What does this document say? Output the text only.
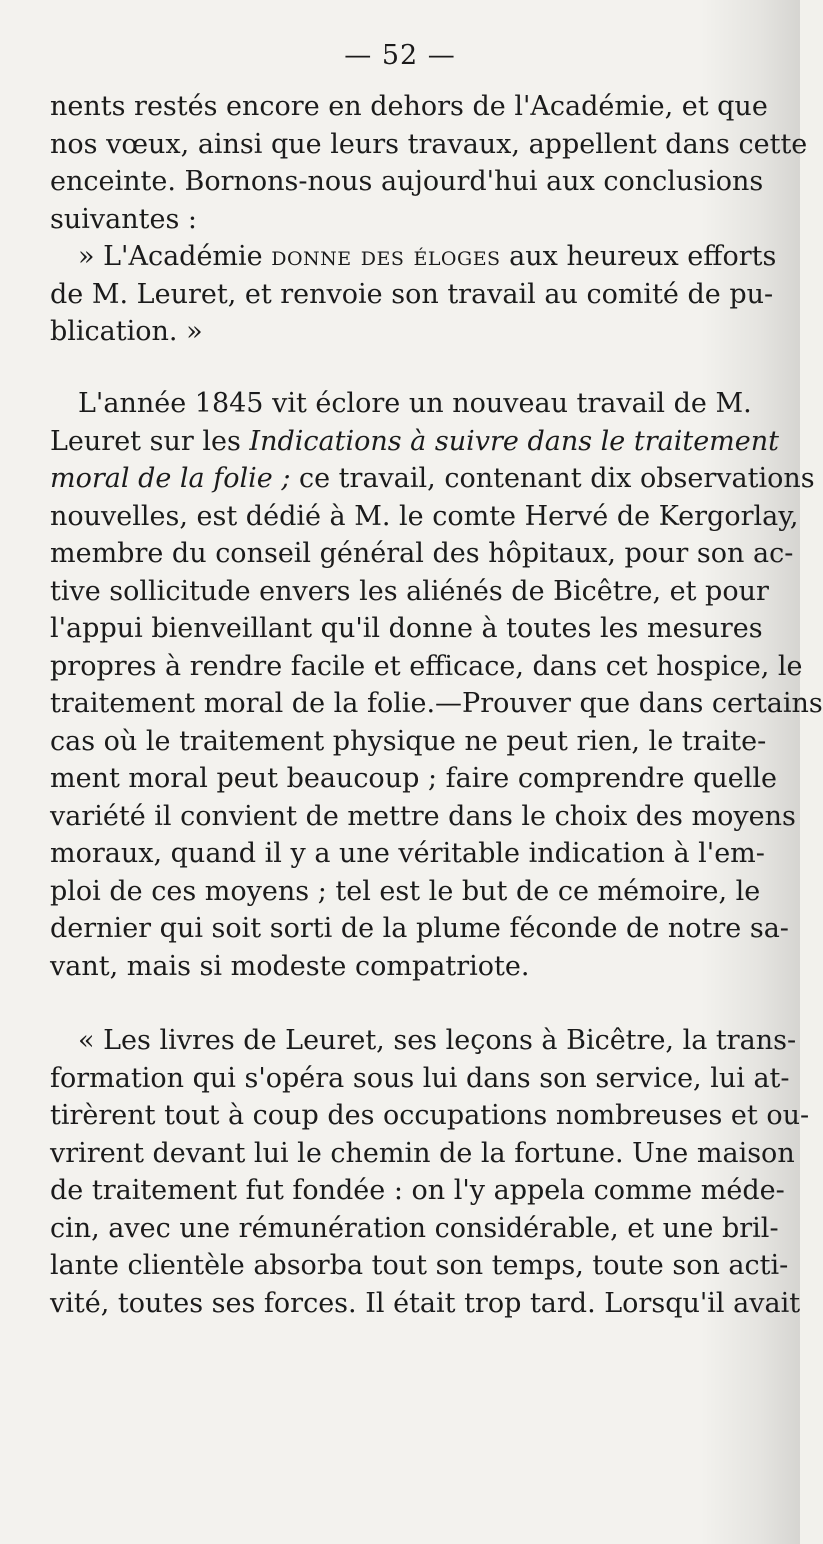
— 52 —
nents restés encore en dehors de l'Académie, et que
nos vœux, ainsi que leurs travaux, appellent dans cette
enceinte. Bornons-nous aujourd'hui aux conclusions
suivantes :
» L'Académie donne des éloges aux heureux efforts
de M. Leuret, et renvoie son travail au comité de pu-
blication. »
L'année 1845 vit éclore un nouveau travail de M.
Leuret sur les Indications à suivre dans le traitement
moral de la folie ; ce travail, contenant dix observations
nouvelles, est dédié à M. le comte Hervé de Kergorlay,
membre du conseil général des hôpitaux, pour son ac-
tive sollicitude envers les aliénés de Bicêtre, et pour
l'appui bienveillant qu'il donne à toutes les mesures
propres à rendre facile et efficace, dans cet hospice, le
traitement moral de la folie.—Prouver que dans certains
cas où le traitement physique ne peut rien, le traite-
ment moral peut beaucoup ; faire comprendre quelle
variété il convient de mettre dans le choix des moyens
moraux, quand il y a une véritable indication à l'em-
ploi de ces moyens ; tel est le but de ce mémoire, le
dernier qui soit sorti de la plume féconde de notre sa-
vant, mais si modeste compatriote.
« Les livres de Leuret, ses leçons à Bicêtre, la trans-
formation qui s'opéra sous lui dans son service, lui at-
tirèrent tout à coup des occupations nombreuses et ou-
vrirent devant lui le chemin de la fortune. Une maison
de traitement fut fondée : on l'y appela comme méde-
cin, avec une rémunération considérable, et une bril-
lante clientèle absorba tout son temps, toute son acti-
vité, toutes ses forces. Il était trop tard. Lorsqu'il avait
